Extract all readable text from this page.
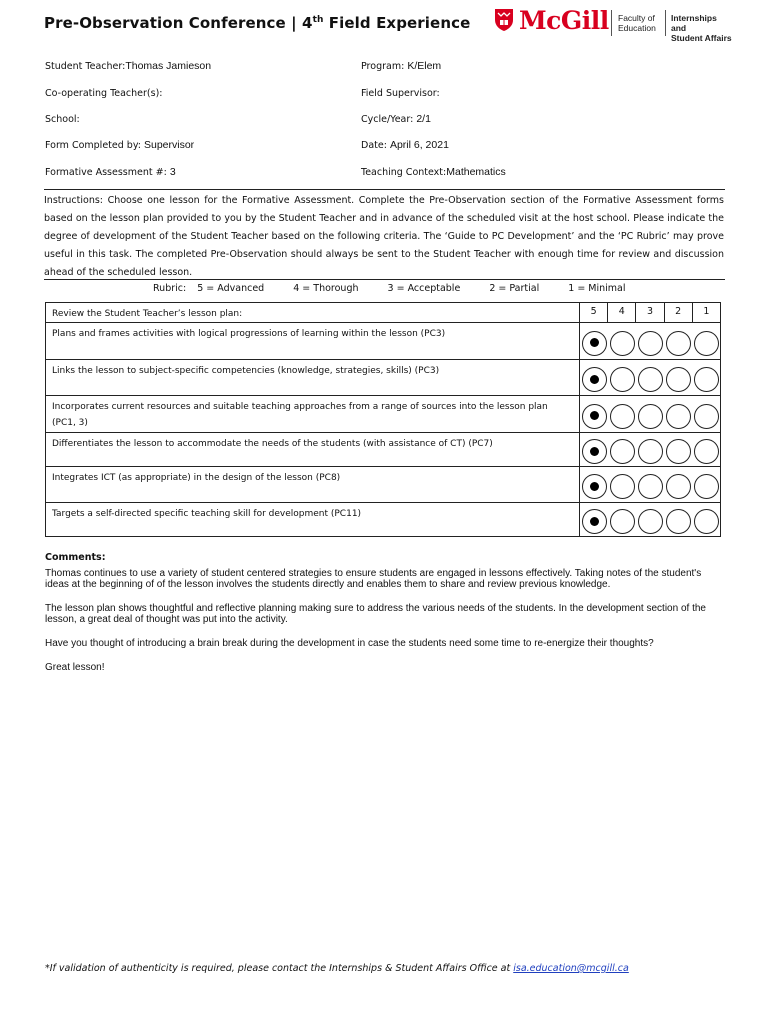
Pre-Observation Conference | 4th Field Experience McGill Faculty of
Education
Internships and
Student Affairs
Student Teacher:Thomas Jamieson	Program: K/Elem
Co-operating Teacher(s):	Field Supervisor:
School:	Cycle/Year: 2/1
Form Completed by: Supervisor	Date: April 6, 2021
Formative Assessment #: 3	Teaching Context:Mathematics
Instructions: Choose one lesson for the Formative Assessment. Complete the Pre-Observation section of the Formative Assessment forms based on the lesson plan provided to you by the Student Teacher and in advance of the scheduled visit at the host school. Please indicate the degree of development of the Student Teacher based on the following criteria. The ‘Guide to PC Development’ and the ‘PC Rubric’ may prove useful in this task. The completed Pre-Observation should always be sent to the Student Teacher with enough time for review and discussion ahead of the scheduled lesson.
Rubric: 5 = Advanced	4 = Thorough	3 = Acceptable	2 = Partial	1 = Minimal
Review the Student Teacher’s lesson plan:	5	4	3	2	1
Plans and frames activities with logical progressions of learning within the lesson (PC3)					

Links the lesson to subject-specific competencies (knowledge, strategies, skills) (PC3)					

Incorporates current resources and suitable teaching approaches from a range of sources into the lesson plan (PC1, 3)					

Differentiates the lesson to accommodate the needs of the students (with assistance of CT) (PC7)					

Integrates ICT (as appropriate) in the design of the lesson (PC8)					

Targets a self-directed specific teaching skill for development (PC11)					
Comments:

Thomas continues to use a variety of student centered strategies to ensure students are engaged in lessons effectively. Taking notes of the student's ideas at the beginning of of the lesson involves the students directly and enables them to share and review previous knowledge.

The lesson plan shows thoughtful and reflective planning making sure to address the various needs of the students. In the development section of the lesson, a great deal of thought was put into the activity.

Have you thought of introducing a brain break during the development in case the students need some time to re-energize their thoughts?

Great lesson!

*If validation of authenticity is required, please contact the Internships & Student Affairs Office at isa.education@mcgill.ca
